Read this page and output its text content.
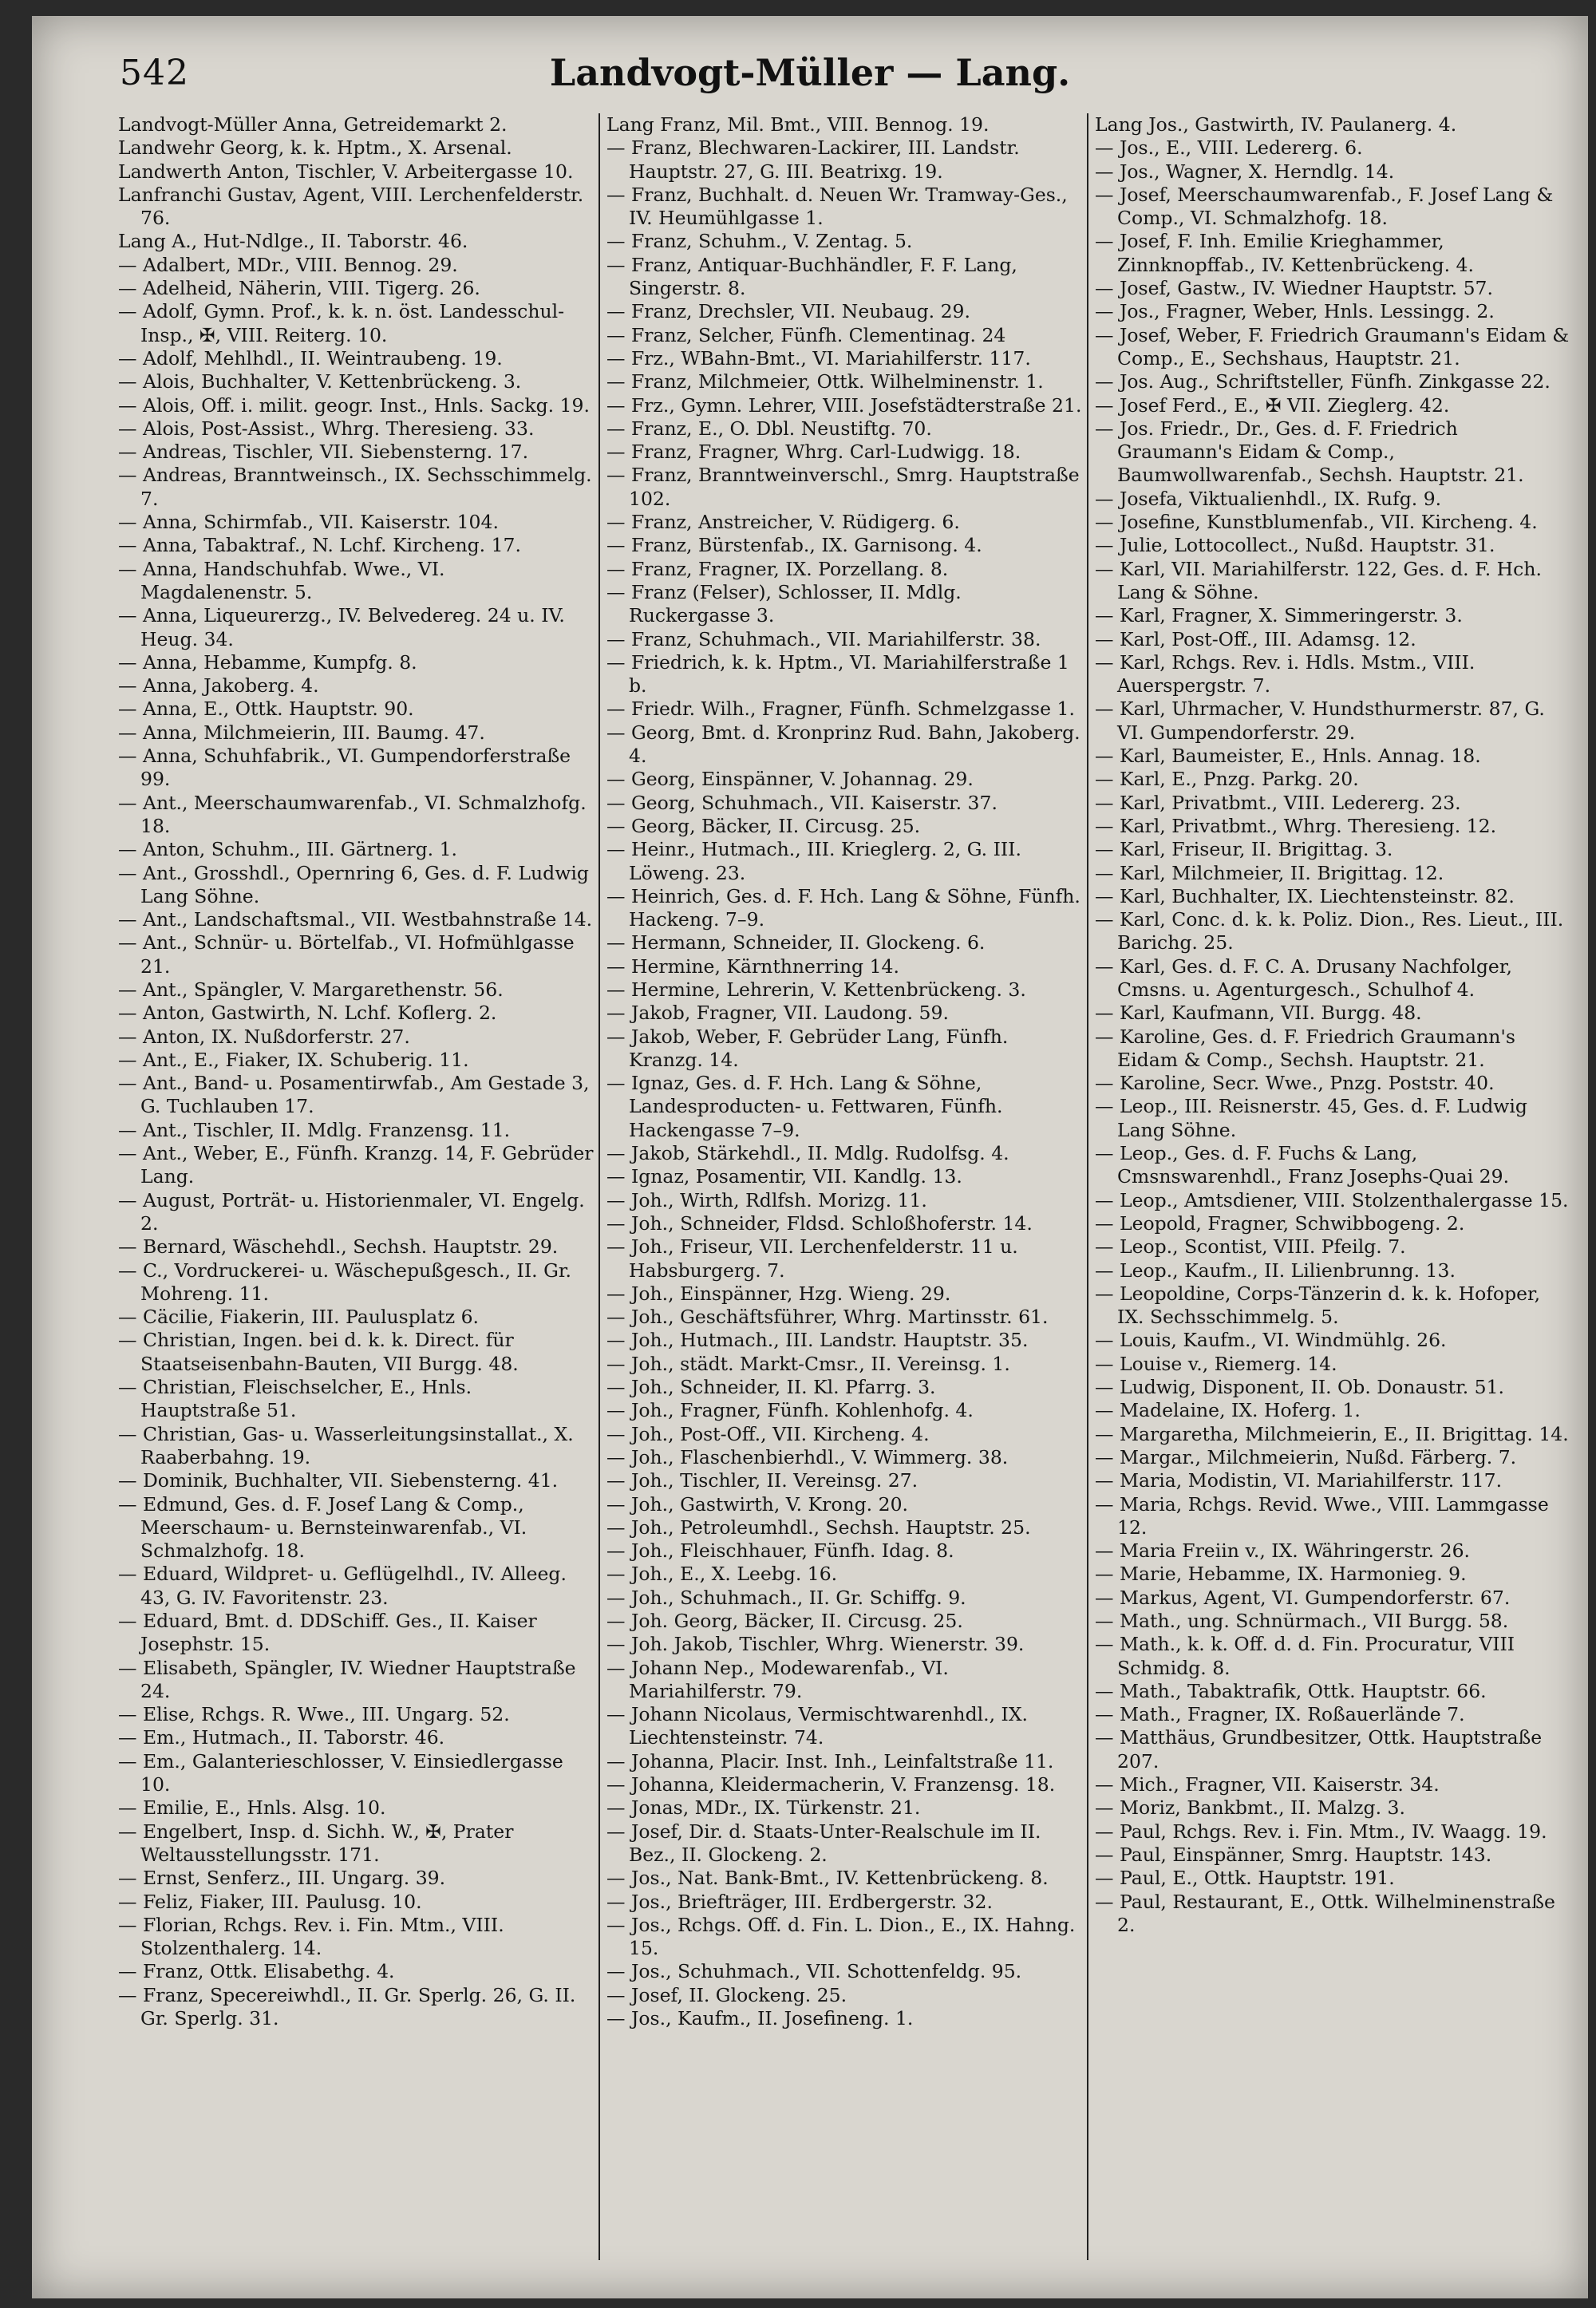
542	Landvogt-Müller — Lang.
Landvogt-Müller Anna, Getreidemarkt 2.
Landwehr Georg, k. k. Hptm., X. Arsenal.
Landwerth Anton, Tischler, V. Arbeitergasse 10.
Lanfranchi Gustav, Agent, VIII. Lerchenfelderstr. 76.
Lang A., Hut-Ndlge., II. Taborstr. 46.
— Adalbert, MDr., VIII. Bennog. 29.
— Adelheid, Näherin, VIII. Tigerg. 26.
— Adolf, Gymn. Prof., k. k. n. öst. Landesschul-Insp., ✠, VIII. Reiterg. 10.
— Adolf, Mehlhdl., II. Weintraubeng. 19.
— Alois, Buchhalter, V. Kettenbrückeng. 3.
— Alois, Off. i. milit. geogr. Inst., Hnls. Sackg. 19.
— Alois, Post-Assist., Whrg. Theresieng. 33.
— Andreas, Tischler, VII. Siebensterng. 17.
— Andreas, Branntweinsch., IX. Sechsschimmelg. 7.
— Anna, Schirmfab., VII. Kaiserstr. 104.
— Anna, Tabaktraf., N. Lchf. Kircheng. 17.
— Anna, Handschuhfab. Wwe., VI. Magdalenenstr. 5.
— Anna, Liqueurerzg., IV. Belvedereg. 24 u. IV. Heug. 34.
— Anna, Hebamme, Kumpfg. 8.
— Anna, Jakoberg. 4.
— Anna, E., Ottk. Hauptstr. 90.
— Anna, Milchmeierin, III. Baumg. 47.
— Anna, Schuhfabrik., VI. Gumpendorferstraße 99.
— Ant., Meerschaumwarenfab., VI. Schmalzhofg. 18.
— Anton, Schuhm., III. Gärtnerg. 1.
— Ant., Grosshdl., Opernring 6, Ges. d. F. Ludwig Lang Söhne.
— Ant., Landschaftsmal., VII. Westbahnstraße 14.
— Ant., Schnür- u. Börtelfab., VI. Hofmühlgasse 21.
— Ant., Spängler, V. Margarethenstr. 56.
— Anton, Gastwirth, N. Lchf. Koflerg. 2.
— Anton, IX. Nußdorferstr. 27.
— Ant., E., Fiaker, IX. Schuberig. 11.
— Ant., Band- u. Posamentirwfab., Am Gestade 3, G. Tuchlauben 17.
— Ant., Tischler, II. Mdlg. Franzensg. 11.
— Ant., Weber, E., Fünfh. Kranzg. 14, F. Gebrüder Lang.
— August, Porträt- u. Historienmaler, VI. Engelg. 2.
— Bernard, Wäschehdl., Sechsh. Hauptstr. 29.
— C., Vordruckerei- u. Wäschepußgesch., II. Gr. Mohreng. 11.
— Cäcilie, Fiakerin, III. Paulusplatz 6.
— Christian, Ingen. bei d. k. k. Direct. für Staatseisenbahn-Bauten, VII Burgg. 48.
— Christian, Fleischselcher, E., Hnls. Hauptstraße 51.
— Christian, Gas- u. Wasserleitungsinstallat., X. Raaberbahng. 19.
— Dominik, Buchhalter, VII. Siebensterng. 41.
— Edmund, Ges. d. F. Josef Lang & Comp., Meerschaum- u. Bernsteinwarenfab., VI. Schmalzhofg. 18.
— Eduard, Wildpret- u. Geflügelhdl., IV. Alleeg. 43, G. IV. Favoritenstr. 23.
— Eduard, Bmt. d. DDSchiff. Ges., II. Kaiser Josephstr. 15.
— Elisabeth, Spängler, IV. Wiedner Hauptstraße 24.
— Elise, Rchgs. R. Wwe., III. Ungarg. 52.
— Em., Hutmach., II. Taborstr. 46.
— Em., Galanterieschlosser, V. Einsiedlergasse 10.
— Emilie, E., Hnls. Alsg. 10.
— Engelbert, Insp. d. Sichh. W., ✠, Prater Weltausstellungsstr. 171.
— Ernst, Senferz., III. Ungarg. 39.
— Feliz, Fiaker, III. Paulusg. 10.
— Florian, Rchgs. Rev. i. Fin. Mtm., VIII. Stolzenthalerg. 14.
— Franz, Ottk. Elisabethg. 4.
— Franz, Specereiwhdl., II. Gr. Sperlg. 26, G. II. Gr. Sperlg. 31.
Lang Franz, Mil. Bmt., VIII. Bennog. 19.
— Franz, Blechwaren-Lackirer, III. Landstr. Hauptstr. 27, G. III. Beatrixg. 19.
— Franz, Buchhalt. d. Neuen Wr. Tramway-Ges., IV. Heumühlgasse 1.
— Franz, Schuhm., V. Zentag. 5.
— Franz, Antiquar-Buchhändler, F. F. Lang, Singerstr. 8.
— Franz, Drechsler, VII. Neubaug. 29.
— Franz, Selcher, Fünfh. Clementinag. 24
— Frz., WBahn-Bmt., VI. Mariahilferstr. 117.
— Franz, Milchmeier, Ottk. Wilhelminenstr. 1.
— Frz., Gymn. Lehrer, VIII. Josefstädterstraße 21.
— Franz, E., O. Dbl. Neustiftg. 70.
— Franz, Fragner, Whrg. Carl-Ludwigg. 18.
— Franz, Branntweinverschl., Smrg. Hauptstraße 102.
— Franz, Anstreicher, V. Rüdigerg. 6.
— Franz, Bürstenfab., IX. Garnisong. 4.
— Franz, Fragner, IX. Porzellang. 8.
— Franz (Felser), Schlosser, II. Mdlg. Ruckergasse 3.
— Franz, Schuhmach., VII. Mariahilferstr. 38.
— Friedrich, k. k. Hptm., VI. Mariahilferstraße 1 b.
— Friedr. Wilh., Fragner, Fünfh. Schmelzgasse 1.
— Georg, Bmt. d. Kronprinz Rud. Bahn, Jakoberg. 4.
— Georg, Einspänner, V. Johannag. 29.
— Georg, Schuhmach., VII. Kaiserstr. 37.
— Georg, Bäcker, II. Circusg. 25.
— Heinr., Hutmach., III. Krieglerg. 2, G. III. Löweng. 23.
— Heinrich, Ges. d. F. Hch. Lang & Söhne, Fünfh. Hackeng. 7–9.
— Hermann, Schneider, II. Glockeng. 6.
— Hermine, Kärnthnerring 14.
— Hermine, Lehrerin, V. Kettenbrückeng. 3.
— Jakob, Fragner, VII. Laudong. 59.
— Jakob, Weber, F. Gebrüder Lang, Fünfh. Kranzg. 14.
— Ignaz, Ges. d. F. Hch. Lang & Söhne, Landesproducten- u. Fettwaren, Fünfh. Hackengasse 7–9.
— Jakob, Stärkehdl., II. Mdlg. Rudolfsg. 4.
— Ignaz, Posamentir, VII. Kandlg. 13.
— Joh., Wirth, Rdlfsh. Morizg. 11.
— Joh., Schneider, Fldsd. Schloßhoferstr. 14.
— Joh., Friseur, VII. Lerchenfelderstr. 11 u. Habsburgerg. 7.
— Joh., Einspänner, Hzg. Wieng. 29.
— Joh., Geschäftsführer, Whrg. Martinsstr. 61.
— Joh., Hutmach., III. Landstr. Hauptstr. 35.
— Joh., städt. Markt-Cmsr., II. Vereinsg. 1.
— Joh., Schneider, II. Kl. Pfarrg. 3.
— Joh., Fragner, Fünfh. Kohlenhofg. 4.
— Joh., Post-Off., VII. Kircheng. 4.
— Joh., Flaschenbierhdl., V. Wimmerg. 38.
— Joh., Tischler, II. Vereinsg. 27.
— Joh., Gastwirth, V. Krong. 20.
— Joh., Petroleumhdl., Sechsh. Hauptstr. 25.
— Joh., Fleischhauer, Fünfh. Idag. 8.
— Joh., E., X. Leebg. 16.
— Joh., Schuhmach., II. Gr. Schiffg. 9.
— Joh. Georg, Bäcker, II. Circusg. 25.
— Joh. Jakob, Tischler, Whrg. Wienerstr. 39.
— Johann Nep., Modewarenfab., VI. Mariahilferstr. 79.
— Johann Nicolaus, Vermischtwarenhdl., IX. Liechtensteinstr. 74.
— Johanna, Placir. Inst. Inh., Leinfaltstraße 11.
— Johanna, Kleidermacherin, V. Franzensg. 18.
— Jonas, MDr., IX. Türkenstr. 21.
— Josef, Dir. d. Staats-Unter-Realschule im II. Bez., II. Glockeng. 2.
— Jos., Nat. Bank-Bmt., IV. Kettenbrückeng. 8.
— Jos., Briefträger, III. Erdbergerstr. 32.
— Jos., Rchgs. Off. d. Fin. L. Dion., E., IX. Hahng. 15.
— Jos., Schuhmach., VII. Schottenfeldg. 95.
— Josef, II. Glockeng. 25.
— Jos., Kaufm., II. Josefineng. 1.
Lang Jos., Gastwirth, IV. Paulanerg. 4.
— Jos., E., VIII. Ledererg. 6.
— Jos., Wagner, X. Herndlg. 14.
— Josef, Meerschaumwarenfab., F. Josef Lang & Comp., VI. Schmalzhofg. 18.
— Josef, F. Inh. Emilie Krieghammer, Zinnknopffab., IV. Kettenbrückeng. 4.
— Josef, Gastw., IV. Wiedner Hauptstr. 57.
— Jos., Fragner, Weber, Hnls. Lessingg. 2.
— Josef, Weber, F. Friedrich Graumann's Eidam & Comp., E., Sechshaus, Hauptstr. 21.
— Jos. Aug., Schriftsteller, Fünfh. Zinkgasse 22.
— Josef Ferd., E., ✠ VII. Zieglerg. 42.
— Jos. Friedr., Dr., Ges. d. F. Friedrich Graumann's Eidam & Comp., Baumwollwarenfab., Sechsh. Hauptstr. 21.
— Josefa, Viktualienhdl., IX. Rufg. 9.
— Josefine, Kunstblumenfab., VII. Kircheng. 4.
— Julie, Lottocollect., Nußd. Hauptstr. 31.
— Karl, VII. Mariahilferstr. 122, Ges. d. F. Hch. Lang & Söhne.
— Karl, Fragner, X. Simmeringerstr. 3.
— Karl, Post-Off., III. Adamsg. 12.
— Karl, Rchgs. Rev. i. Hdls. Mstm., VIII. Auerspergstr. 7.
— Karl, Uhrmacher, V. Hundsthurmerstr. 87, G. VI. Gumpendorferstr. 29.
— Karl, Baumeister, E., Hnls. Annag. 18.
— Karl, E., Pnzg. Parkg. 20.
— Karl, Privatbmt., VIII. Ledererg. 23.
— Karl, Privatbmt., Whrg. Theresieng. 12.
— Karl, Friseur, II. Brigittag. 3.
— Karl, Milchmeier, II. Brigittag. 12.
— Karl, Buchhalter, IX. Liechtensteinstr. 82.
— Karl, Conc. d. k. k. Poliz. Dion., Res. Lieut., III. Barichg. 25.
— Karl, Ges. d. F. C. A. Drusany Nachfolger, Cmsns. u. Agenturgesch., Schulhof 4.
— Karl, Kaufmann, VII. Burgg. 48.
— Karoline, Ges. d. F. Friedrich Graumann's Eidam & Comp., Sechsh. Hauptstr. 21.
— Karoline, Secr. Wwe., Pnzg. Poststr. 40.
— Leop., III. Reisnerstr. 45, Ges. d. F. Ludwig Lang Söhne.
— Leop., Ges. d. F. Fuchs & Lang, Cmsnswarenhdl., Franz Josephs-Quai 29.
— Leop., Amtsdiener, VIII. Stolzenthalergasse 15.
— Leopold, Fragner, Schwibbogeng. 2.
— Leop., Scontist, VIII. Pfeilg. 7.
— Leop., Kaufm., II. Lilienbrunng. 13.
— Leopoldine, Corps-Tänzerin d. k. k. Hofoper, IX. Sechsschimmelg. 5.
— Louis, Kaufm., VI. Windmühlg. 26.
— Louise v., Riemerg. 14.
— Ludwig, Disponent, II. Ob. Donaustr. 51.
— Madelaine, IX. Hoferg. 1.
— Margaretha, Milchmeierin, E., II. Brigittag. 14.
— Margar., Milchmeierin, Nußd. Färberg. 7.
— Maria, Modistin, VI. Mariahilferstr. 117.
— Maria, Rchgs. Revid. Wwe., VIII. Lammgasse 12.
— Maria Freiin v., IX. Währingerstr. 26.
— Marie, Hebamme, IX. Harmonieg. 9.
— Markus, Agent, VI. Gumpendorferstr. 67.
— Math., ung. Schnürmach., VII Burgg. 58.
— Math., k. k. Off. d. d. Fin. Procuratur, VIII Schmidg. 8.
— Math., Tabaktrafik, Ottk. Hauptstr. 66.
— Math., Fragner, IX. Roßauerlände 7.
— Matthäus, Grundbesitzer, Ottk. Hauptstraße 207.
— Mich., Fragner, VII. Kaiserstr. 34.
— Moriz, Bankbmt., II. Malzg. 3.
— Paul, Rchgs. Rev. i. Fin. Mtm., IV. Waagg. 19.
— Paul, Einspänner, Smrg. Hauptstr. 143.
— Paul, E., Ottk. Hauptstr. 191.
— Paul, Restaurant, E., Ottk. Wilhelminenstraße 2.
